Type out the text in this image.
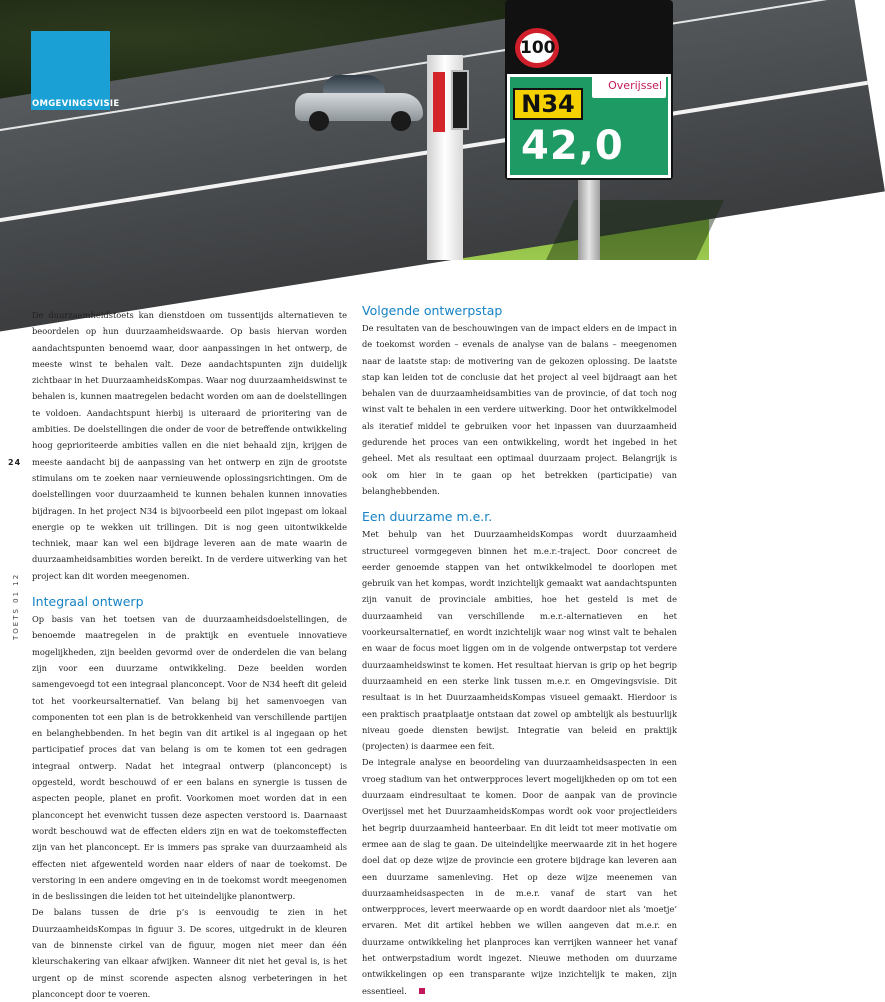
100
Overijssel
N34
42,0
OMGEVINGSVISIE
24
TOETS 01 12

De duurzaamheidstoets kan dienstdoen om tussentijds alternatieven te beoordelen op hun duurzaamheidswaarde. Op basis hiervan worden aandachtspunten benoemd waar, door aanpassingen in het ontwerp, de meeste winst te behalen valt. Deze aandachtspunten zijn duidelijk zichtbaar in het DuurzaamheidsKompas. Waar nog duurzaamheidswinst te behalen is, kunnen maatregelen bedacht worden om aan de doelstellingen te voldoen. Aandachtspunt hierbij is uiteraard de prioritering van de ambities. De doelstellingen die onder de voor de betreffende ontwikkeling hoog geprioriteerde ambities vallen en die niet behaald zijn, krijgen de meeste aandacht bij de aanpassing van het ontwerp en zijn de grootste stimulans om te zoeken naar vernieuwende oplossingsrichtingen. Om de doelstellingen voor duurzaamheid te kunnen behalen kunnen innovaties bijdragen. In het project N34 is bijvoorbeeld een pilot ingepast om lokaal energie op te wekken uit trillingen. Dit is nog geen uitontwikkelde techniek, maar kan wel een bijdrage leveren aan de mate waarin de duurzaamheidsambities worden bereikt. In de verdere uitwerking van het project kan dit worden meegenomen.

Integraal ontwerp

Op basis van het toetsen van de duurzaamheidsdoelstellingen, de benoemde maatregelen in de praktijk en eventuele innovatieve mogelijkheden, zijn beelden gevormd over de onderdelen die van belang zijn voor een duurzame ontwikkeling. Deze beelden worden samengevoegd tot een integraal planconcept. Voor de N34 heeft dit geleid tot het voorkeursalternatief. Van belang bij het samenvoegen van componenten tot een plan is de betrokkenheid van verschillende partijen en belanghebbenden. In het begin van dit artikel is al ingegaan op het participatief proces dat van belang is om te komen tot een gedragen integraal ontwerp. Nadat het integraal ontwerp (planconcept) is opgesteld, wordt beschouwd of er een balans en synergie is tussen de aspecten people, planet en profit. Voorkomen moet worden dat in een planconcept het evenwicht tussen deze aspecten verstoord is. Daarnaast wordt beschouwd wat de effecten elders zijn en wat de toekomsteffecten zijn van het planconcept. Er is immers pas sprake van duurzaamheid als effecten niet afgewenteld worden naar elders of naar de toekomst. De verstoring in een andere omgeving en in de toekomst wordt meegenomen in de beslissingen die leiden tot het uiteindelijke planontwerp.

De balans tussen de drie p’s is eenvoudig te zien in het DuurzaamheidsKompas in figuur 3. De scores, uitgedrukt in de kleuren van de binnenste cirkel van de figuur, mogen niet meer dan één kleurschakering van elkaar afwijken. Wanneer dit niet het geval is, is het urgent op de minst scorende aspecten alsnog verbeteringen in het planconcept door te voeren.

Volgende ontwerpstap

De resultaten van de beschouwingen van de impact elders en de impact in de toekomst worden – evenals de analyse van de balans – meegenomen naar de laatste stap: de motivering van de gekozen oplossing. De laatste stap kan leiden tot de conclusie dat het project al veel bijdraagt aan het behalen van de duurzaamheidsambities van de provincie, of dat toch nog winst valt te behalen in een verdere uitwerking. Door het ontwikkelmodel als iteratief middel te gebruiken voor het inpassen van duurzaamheid gedurende het proces van een ontwikkeling, wordt het ingebed in het geheel. Met als resultaat een optimaal duurzaam project. Belangrijk is ook om hier in te gaan op het betrekken (participatie) van belanghebbenden.

Een duurzame m.e.r.

Met behulp van het DuurzaamheidsKompas wordt duurzaamheid structureel vormgegeven binnen het m.e.r.-traject. Door concreet de eerder genoemde stappen van het ontwikkelmodel te doorlopen met gebruik van het kompas, wordt inzichtelijk gemaakt wat aandachtspunten zijn vanuit de provinciale ambities, hoe het gesteld is met de duurzaamheid van verschillende m.e.r.-alternatieven en het voorkeursalternatief, en wordt inzichtelijk waar nog winst valt te behalen en waar de focus moet liggen om in de volgende ontwerpstap tot verdere duurzaamheidswinst te komen. Het resultaat hiervan is grip op het begrip duurzaamheid en een sterke link tussen m.e.r. en Omgevingsvisie. Dit resultaat is in het DuurzaamheidsKompas visueel gemaakt. Hierdoor is een praktisch praatplaatje ontstaan dat zowel op ambtelijk als bestuurlijk niveau goede diensten bewijst. Integratie van beleid en praktijk (projecten) is daarmee een feit.

De integrale analyse en beoordeling van duurzaamheidsaspecten in een vroeg stadium van het ontwerpproces levert mogelijkheden op om tot een duurzaam eindresultaat te komen. Door de aanpak van de provincie Overijssel met het DuurzaamheidsKompas wordt ook voor projectleiders het begrip duurzaamheid hanteerbaar. En dit leidt tot meer motivatie om ermee aan de slag te gaan. De uiteindelijke meerwaarde zit in het hogere doel dat op deze wijze de provincie een grotere bijdrage kan leveren aan een duurzame samenleving. Het op deze wijze meenemen van duurzaamheidsaspecten in de m.e.r. vanaf de start van het ontwerpproces, levert meerwaarde op en wordt daardoor niet als ‘moetje’ ervaren. Met dit artikel hebben we willen aangeven dat m.e.r. en duurzame ontwikkeling het planproces kan verrijken wanneer het vanaf het ontwerpstadium wordt ingezet. Nieuwe methoden om duurzame ontwikkelingen op een transparante wijze inzichtelijk te maken, zijn essentieel.
